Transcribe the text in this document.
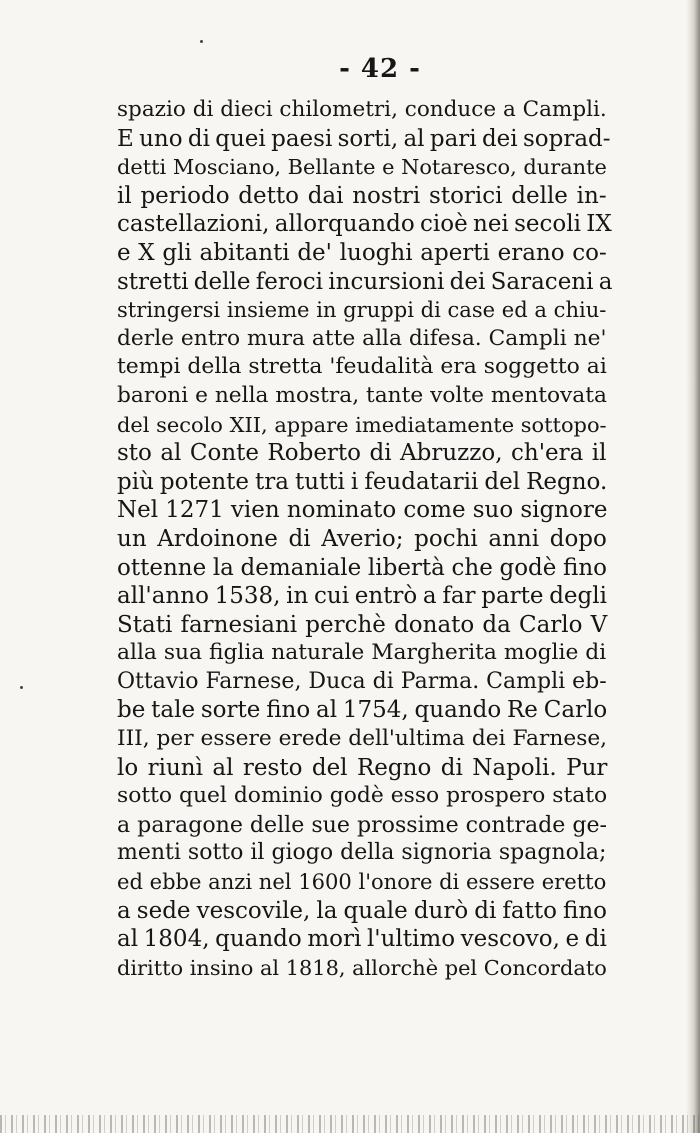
- 42 -
spazio di dieci chilometri, conduce a Campli.
E uno di quei paesi sorti, al pari dei soprad-
detti Mosciano, Bellante e Notaresco, durante
il periodo detto dai nostri storici delle in-
castellazioni, allorquando cioè nei secoli IX
e X gli abitanti de' luoghi aperti erano co-
stretti delle feroci incursioni dei Saraceni a
stringersi insieme in gruppi di case ed a chiu-
derle entro mura atte alla difesa. Campli ne'
tempi della stretta 'feudalità era soggetto ai
baroni e nella mostra, tante volte mentovata
del secolo XII, appare imediatamente sottopo-
sto al Conte Roberto di Abruzzo, ch'era il
più potente tra tutti i feudatarii del Regno.
Nel 1271 vien nominato come suo signore
un Ardoinone di Averio; pochi anni dopo
ottenne la demaniale libertà che godè fino
all'anno 1538, in cui entrò a far parte degli
Stati farnesiani perchè donato da Carlo V
alla sua figlia naturale Margherita moglie di
Ottavio Farnese, Duca di Parma. Campli eb-
be tale sorte fino al 1754, quando Re Carlo
III, per essere erede dell'ultima dei Farnese,
lo riunì al resto del Regno di Napoli. Pur
sotto quel dominio godè esso prospero stato
a paragone delle sue prossime contrade ge-
menti sotto il giogo della signoria spagnola;
ed ebbe anzi nel 1600 l'onore di essere eretto
a sede vescovile, la quale durò di fatto fino
al 1804, quando morì l'ultimo vescovo, e di
diritto insino al 1818, allorchè pel Concordato
